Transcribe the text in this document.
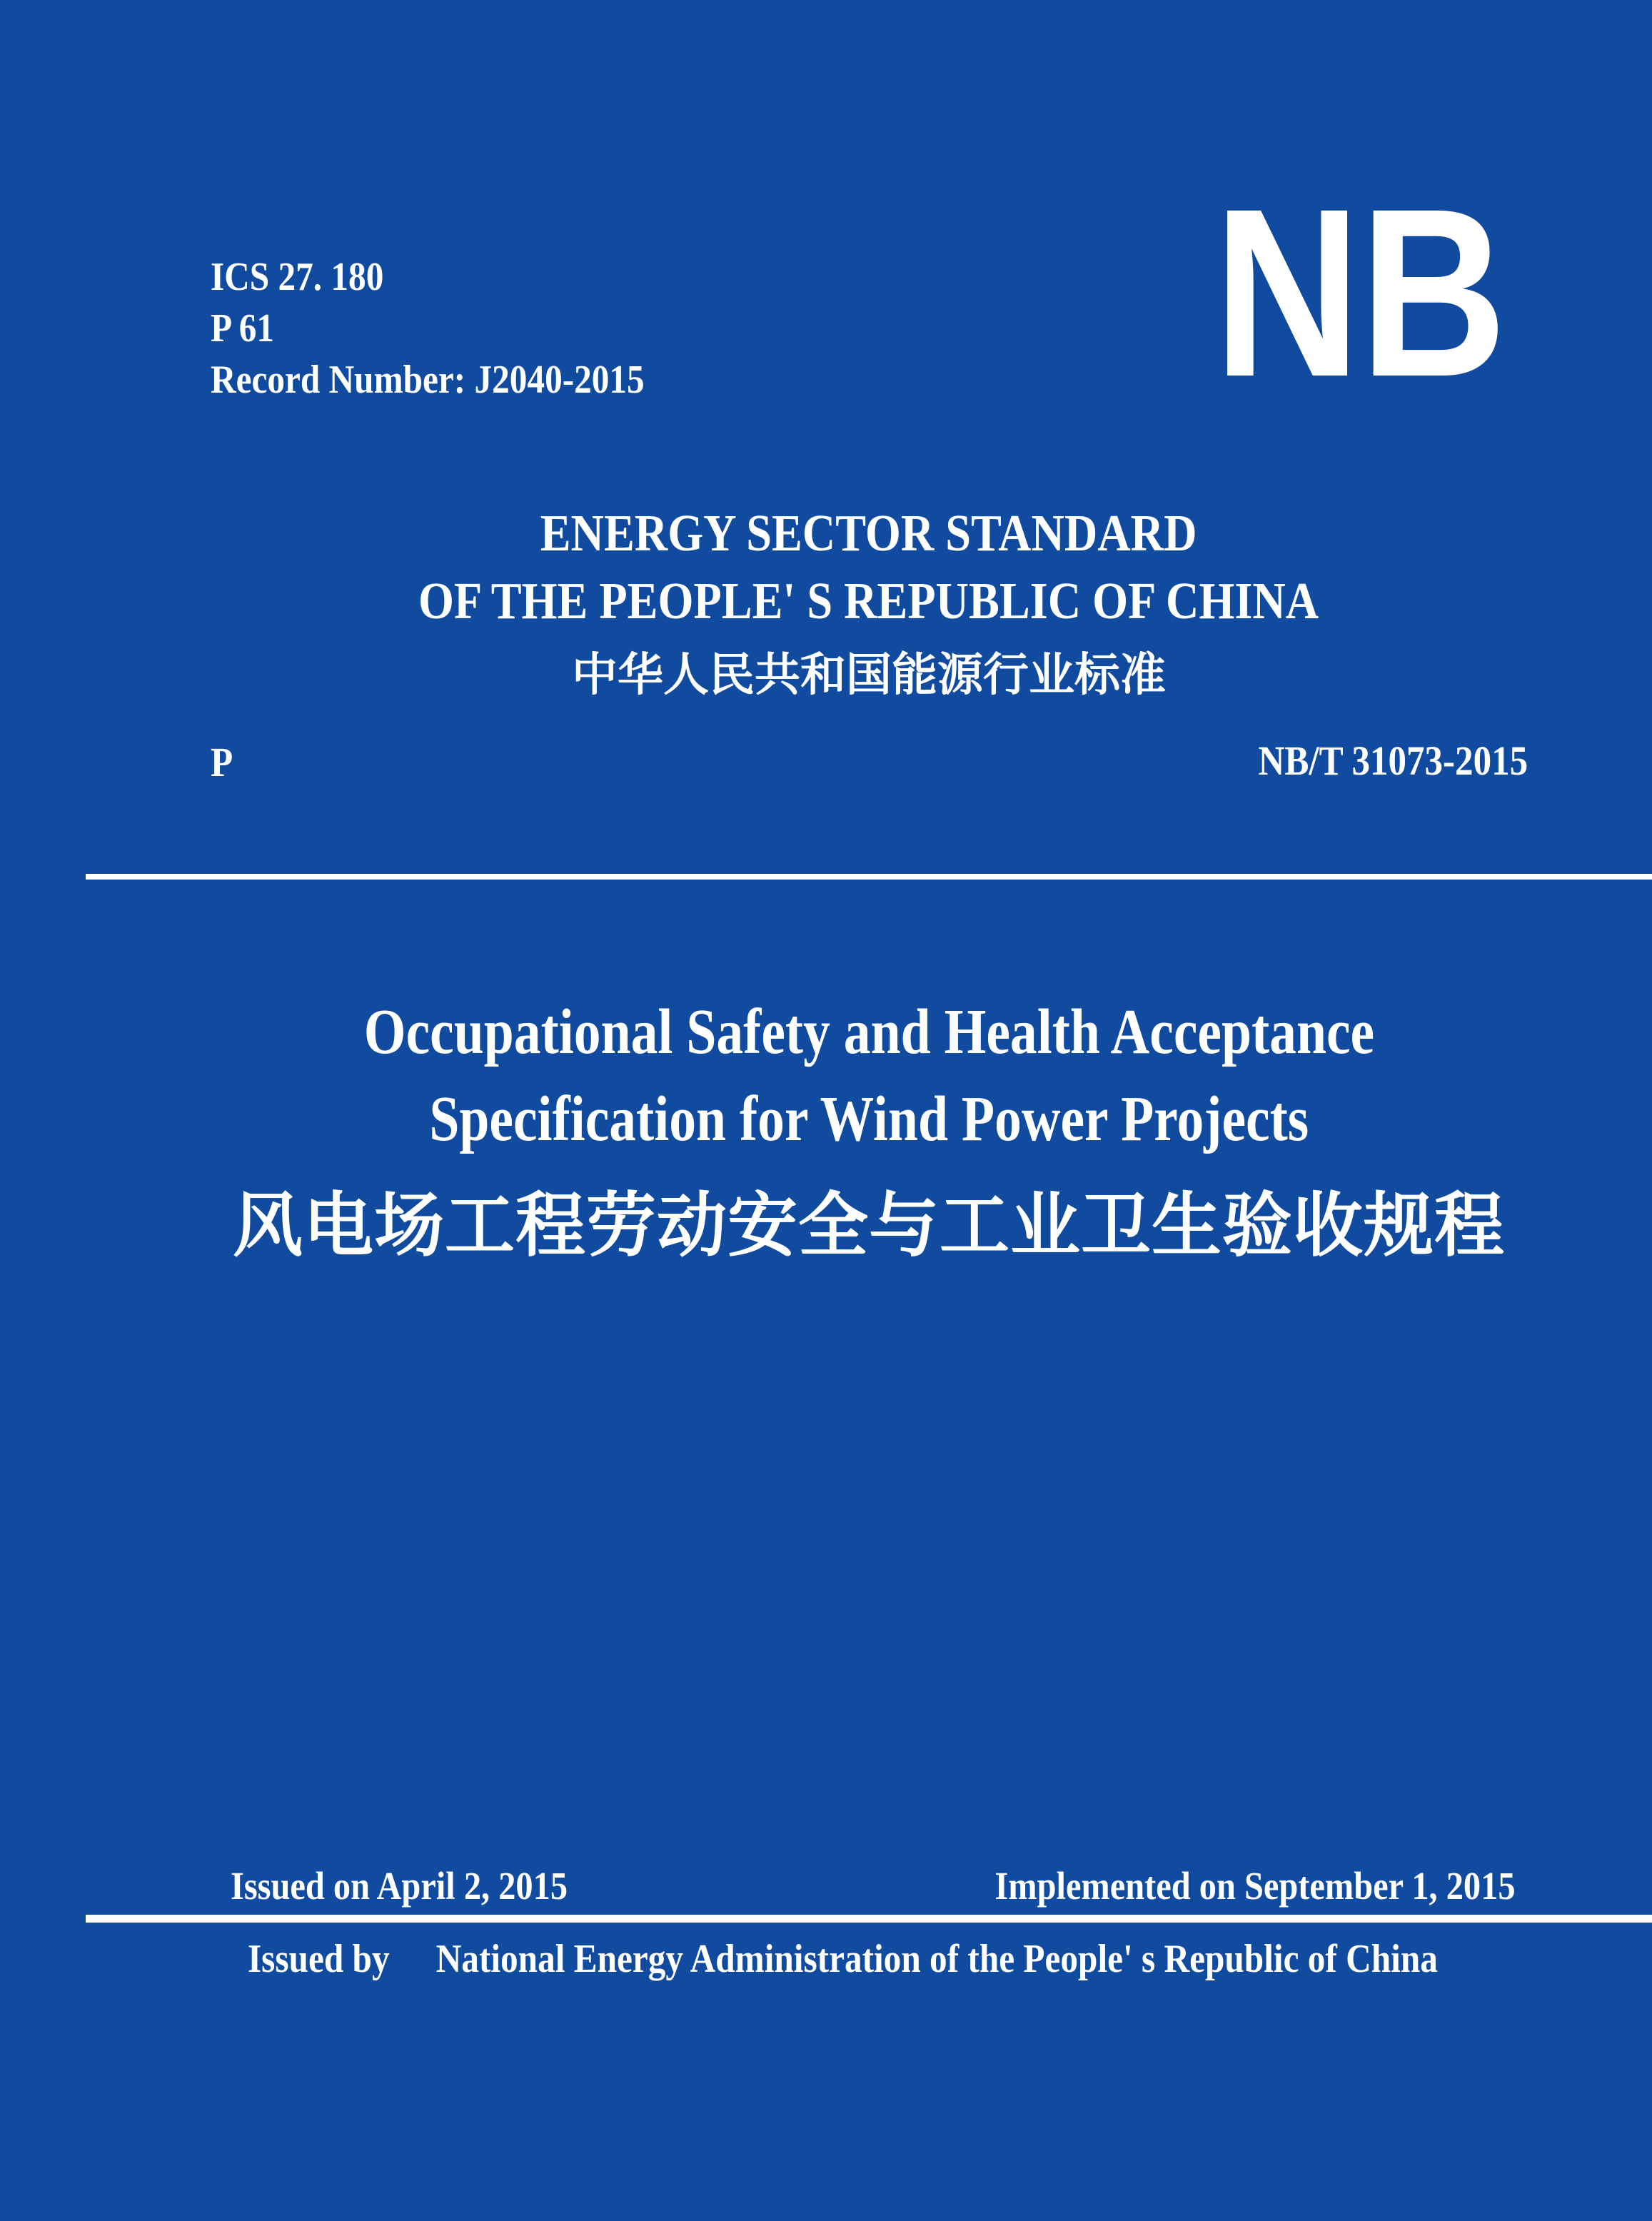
ICS 27. 180
P 61
Record Number: J2040-2015 NB
ENERGY SECTOR STANDARD
OF THE PEOPLE' S REPUBLIC OF CHINA
中华人民共和国能源行业标准
P	NB/T 31073-2015
Occupational Safety and Health Acceptance
Specification for Wind Power Projects
风电场工程劳动安全与工业卫生验收规程
Issued on April 2, 2015	Implemented on September 1, 2015
Issued by National Energy Administration of the People' s Republic of China
